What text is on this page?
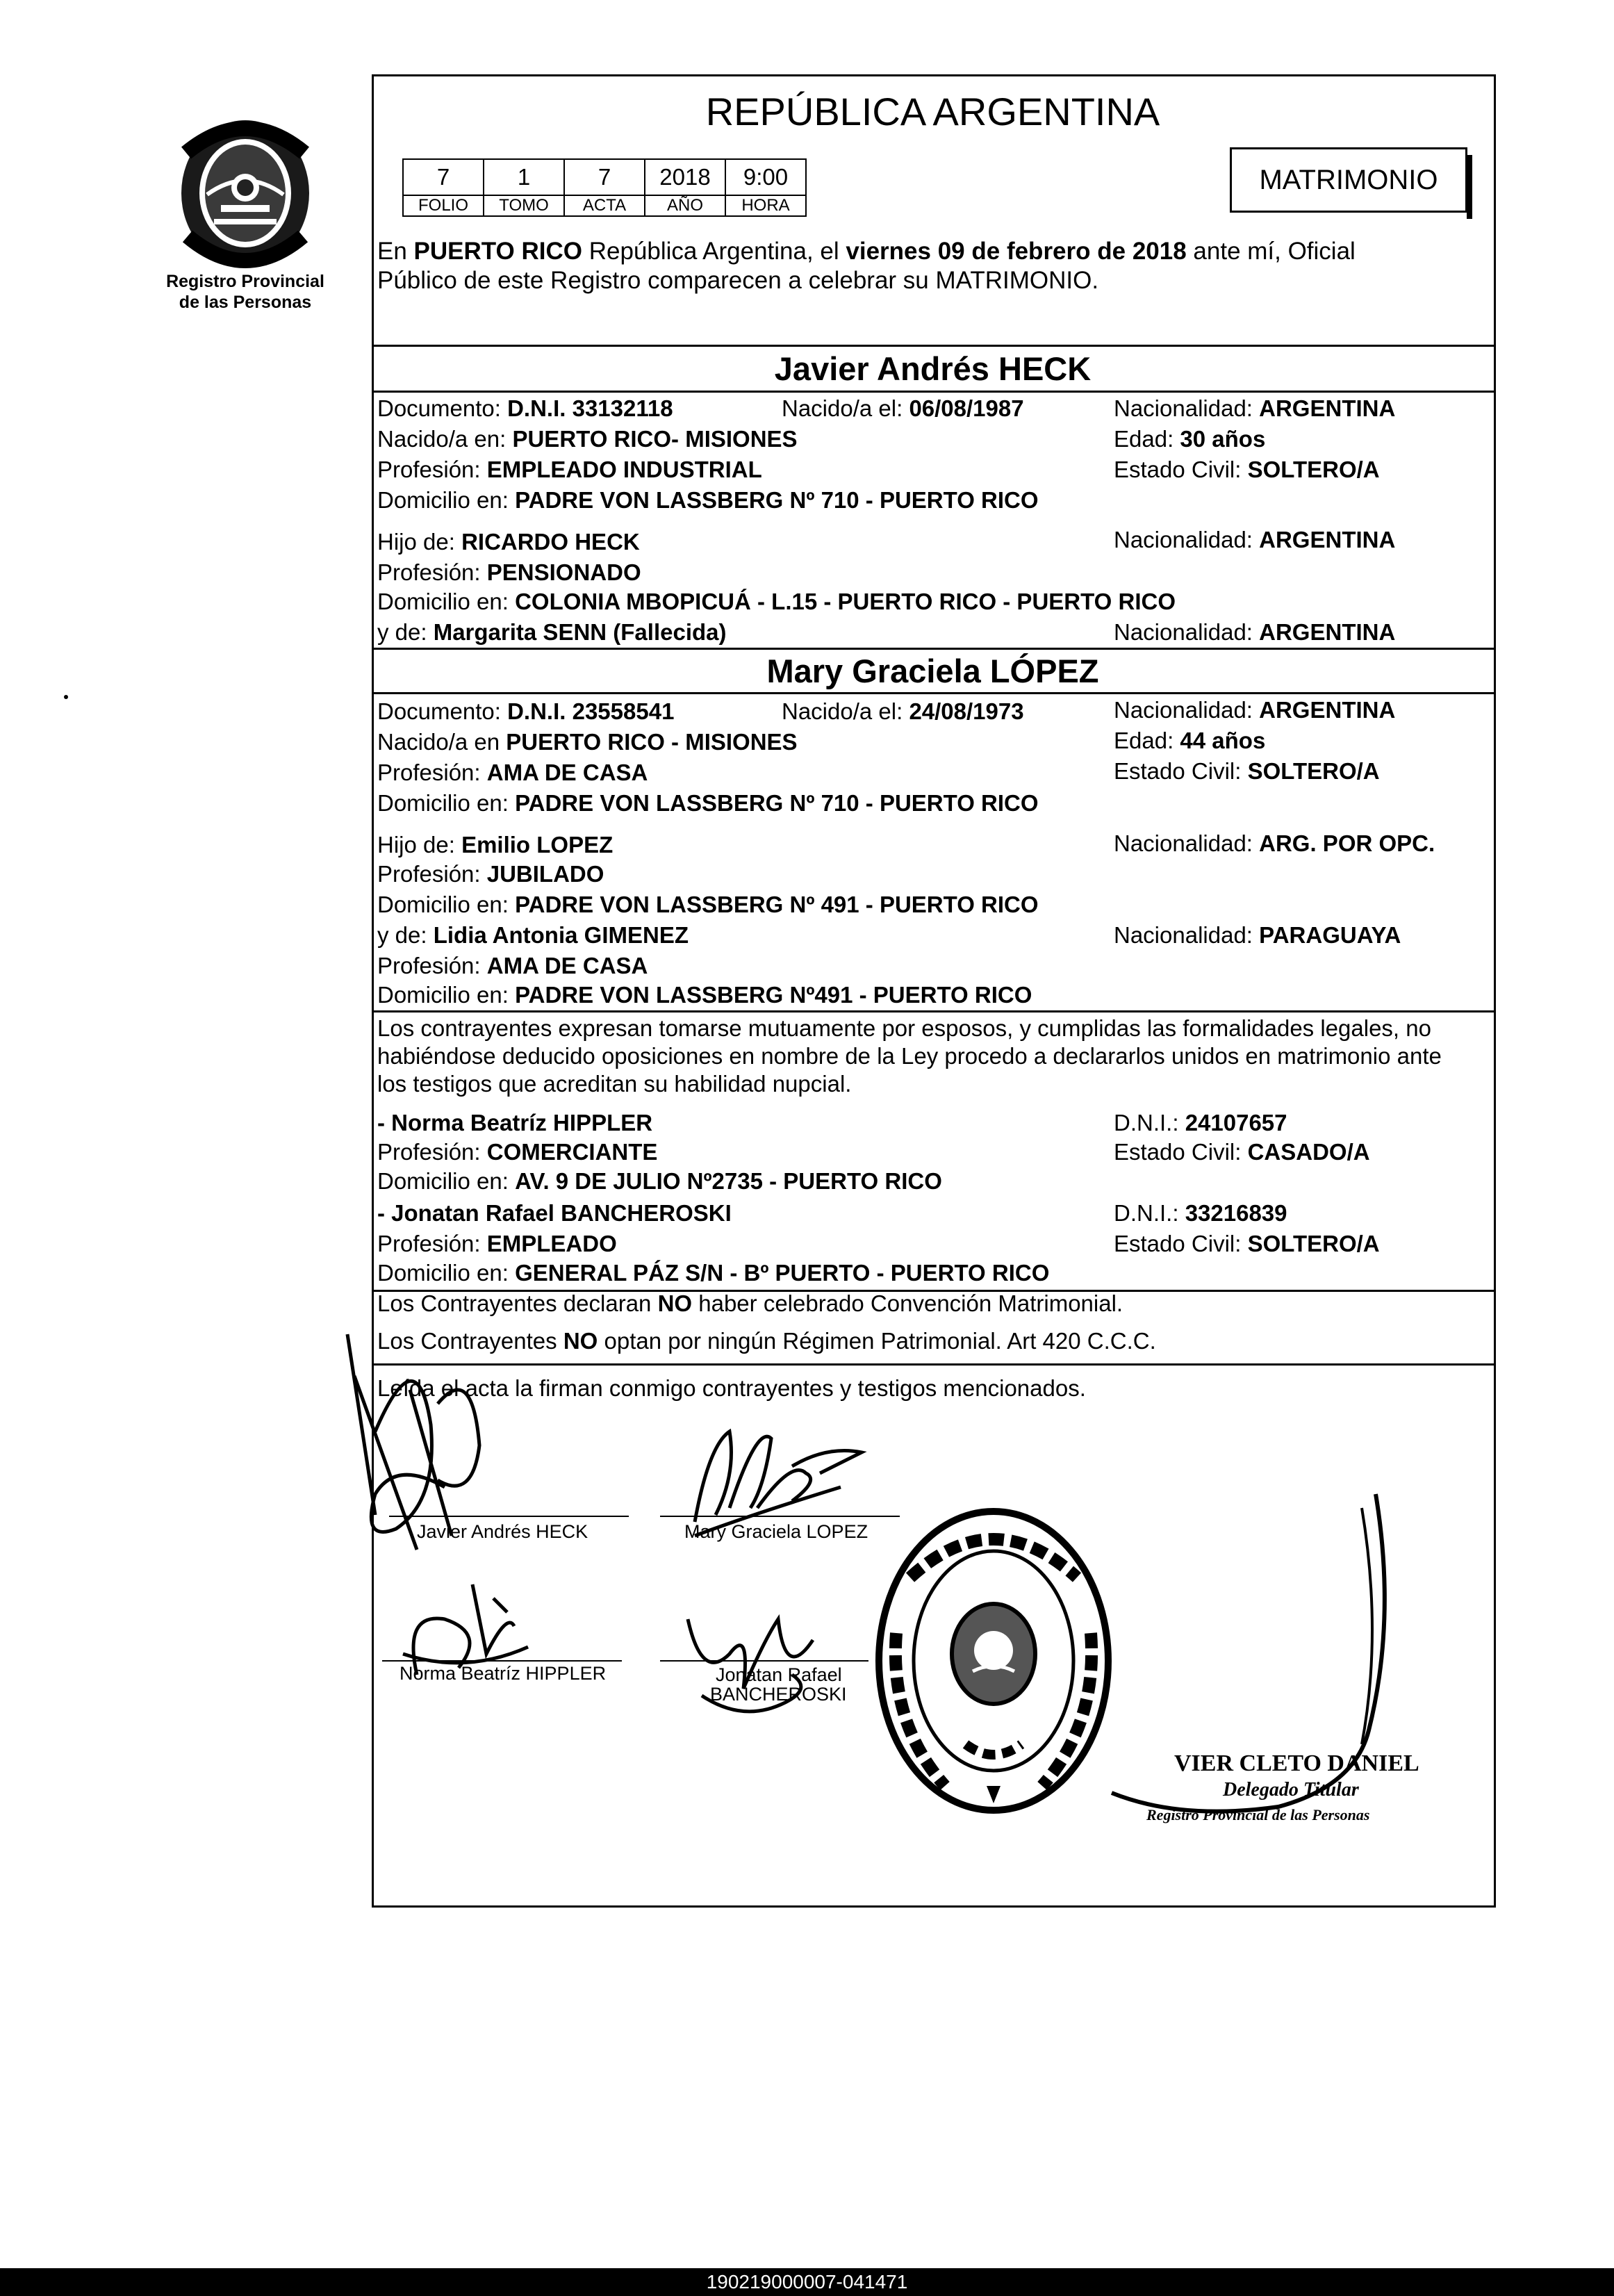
Registro Provincial
de las Personas
REPÚBLICA ARGENTINA
MATRIMONIO
7	1	7	2018	9:00
FOLIO	TOMO	ACTA	AÑO	HORA
En PUERTO RICO República Argentina, el viernes 09 de febrero de 2018 ante mí, Oficial
Público de este Registro comparecen a celebrar su MATRIMONIO.
Javier Andrés HECK
Documento: D.N.I. 33132118	Nacido/a el: 06/08/1987	Nacionalidad: ARGENTINA
Nacido/a en: PUERTO RICO- MISIONES	Edad: 30 años
Profesión: EMPLEADO INDUSTRIAL	Estado Civil: SOLTERO/A
Domicilio en: PADRE VON LASSBERG Nº 710 - PUERTO RICO
Hijo de: RICARDO HECK	Nacionalidad: ARGENTINA
Profesión: PENSIONADO
Domicilio en: COLONIA MBOPICUÁ - L.15 - PUERTO RICO - PUERTO RICO
y de: Margarita SENN (Fallecida)	Nacionalidad: ARGENTINA
Mary Graciela LÓPEZ
Documento: D.N.I. 23558541	Nacido/a el: 24/08/1973	Nacionalidad: ARGENTINA
Nacido/a en PUERTO RICO - MISIONES	Edad: 44 años
Profesión: AMA DE CASA	Estado Civil: SOLTERO/A
Domicilio en: PADRE VON LASSBERG Nº 710 - PUERTO RICO
Hijo de: Emilio LOPEZ	Nacionalidad: ARG. POR OPC.
Profesión: JUBILADO
Domicilio en: PADRE VON LASSBERG Nº 491 - PUERTO RICO
y de: Lidia Antonia GIMENEZ	Nacionalidad: PARAGUAYA
Profesión: AMA DE CASA
Domicilio en: PADRE VON LASSBERG Nº491 - PUERTO RICO
Los contrayentes expresan tomarse mutuamente por esposos, y cumplidas las formalidades legales, no
habiéndose deducido oposiciones en nombre de la Ley procedo a declararlos unidos en matrimonio ante
los testigos que acreditan su habilidad nupcial.
- Norma Beatríz HIPPLER	D.N.I.: 24107657
Profesión: COMERCIANTE	Estado Civil: CASADO/A
Domicilio en: AV. 9 DE JULIO Nº2735 - PUERTO RICO
- Jonatan Rafael BANCHEROSKI	D.N.I.: 33216839
Profesión: EMPLEADO	Estado Civil: SOLTERO/A
Domicilio en: GENERAL PÁZ S/N - Bº PUERTO - PUERTO RICO
Los Contrayentes declaran NO haber celebrado Convención Matrimonial.
Los Contrayentes NO optan por ningún Régimen Patrimonial. Art 420 C.C.C.
Leída el acta la firman conmigo contrayentes y testigos mencionados.
Javier Andrés HECK	Mary Graciela LOPEZ
Norma Beatríz HIPPLER	Jonatan Rafael
BANCHEROSKI
VIER CLETO DANIEL
Delegado Titular
Registro Provincial de las Personas
190219000007-041471
